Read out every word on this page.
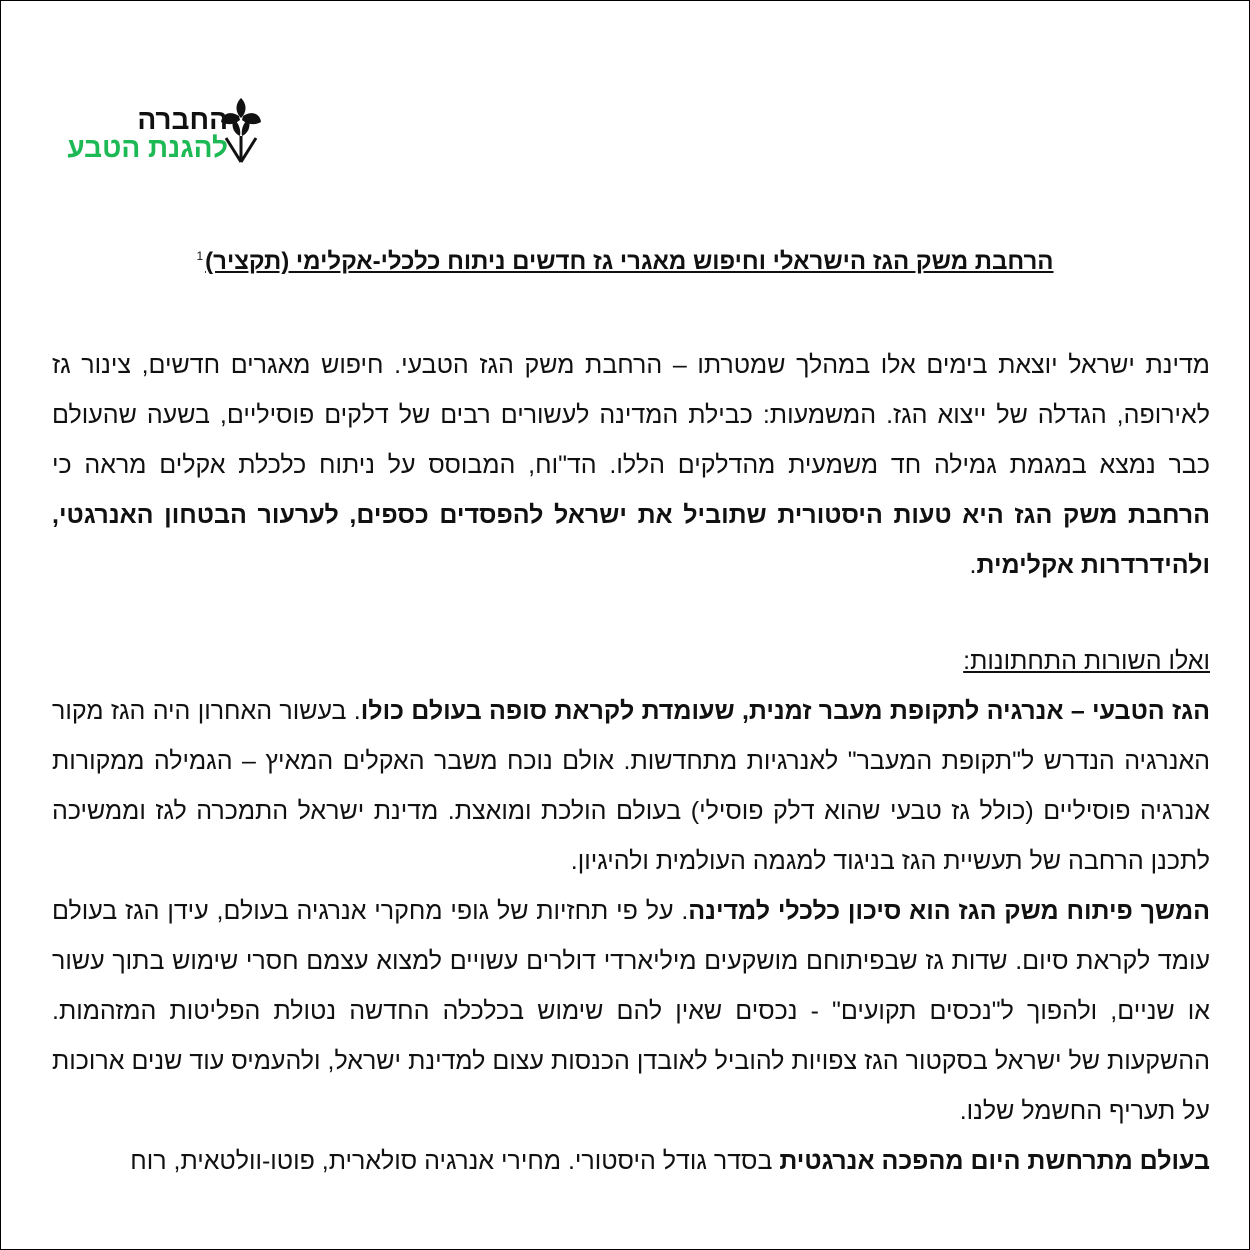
החברה
להגנת הטבע
הרחבת משק הגז הישראלי וחיפוש מאגרי גז חדשים ניתוח כלכלי-אקלימי (תקציר)$^1$

מדינת ישראל יוצאת בימים אלו במהלך שמטרתו – הרחבת משק הגז הטבעי. חיפוש מאגרים חדשים, צינור גז לאירופה, הגדלה של ייצוא הגז. המשמעות: כבילת המדינה לעשורים רבים של דלקים פוסיליים, בשעה שהעולם כבר נמצא במגמת גמילה חד משמעית מהדלקים הללו. הד"וח, המבוסס על ניתוח כלכלת אקלים מראה כי הרחבת משק הגז היא טעות היסטורית שתוביל את ישראל להפסדים כספים, לערעור הבטחון האנרגטי, ולהידרדרות אקלימית.

ואלו השורות התחתונות:

הגז הטבעי – אנרגיה לתקופת מעבר זמנית, שעומדת לקראת סופה בעולם כולו. בעשור האחרון היה הגז מקור האנרגיה הנדרש ל"תקופת המעבר" לאנרגיות מתחדשות. אולם נוכח משבר האקלים המאיץ – הגמילה ממקורות אנרגיה פוסיליים (כולל גז טבעי שהוא דלק פוסילי) בעולם הולכת ומואצת. מדינת ישראל התמכרה לגז וממשיכה לתכנן הרחבה של תעשיית הגז בניגוד למגמה העולמית ולהיגיון.

המשך פיתוח משק הגז הוא סיכון כלכלי למדינה. על פי תחזיות של גופי מחקרי אנרגיה בעולם, עידן הגז בעולם עומד לקראת סיום. שדות גז שבפיתוחם מושקעים מיליארדי דולרים עשויים למצוא עצמם חסרי שימוש בתוך עשור או שניים, ולהפוך ל"נכסים תקועים" - נכסים שאין להם שימוש בכלכלה החדשה נטולת הפליטות המזהמות. ההשקעות של ישראל בסקטור הגז צפויות להוביל לאובדן הכנסות עצום למדינת ישראל, ולהעמיס עוד שנים ארוכות על תעריף החשמל שלנו.

בעולם מתרחשת היום מהפכה אנרגטית בסדר גודל היסטורי. מחירי אנרגיה סולארית, פוטו-וולטאית, רוח
